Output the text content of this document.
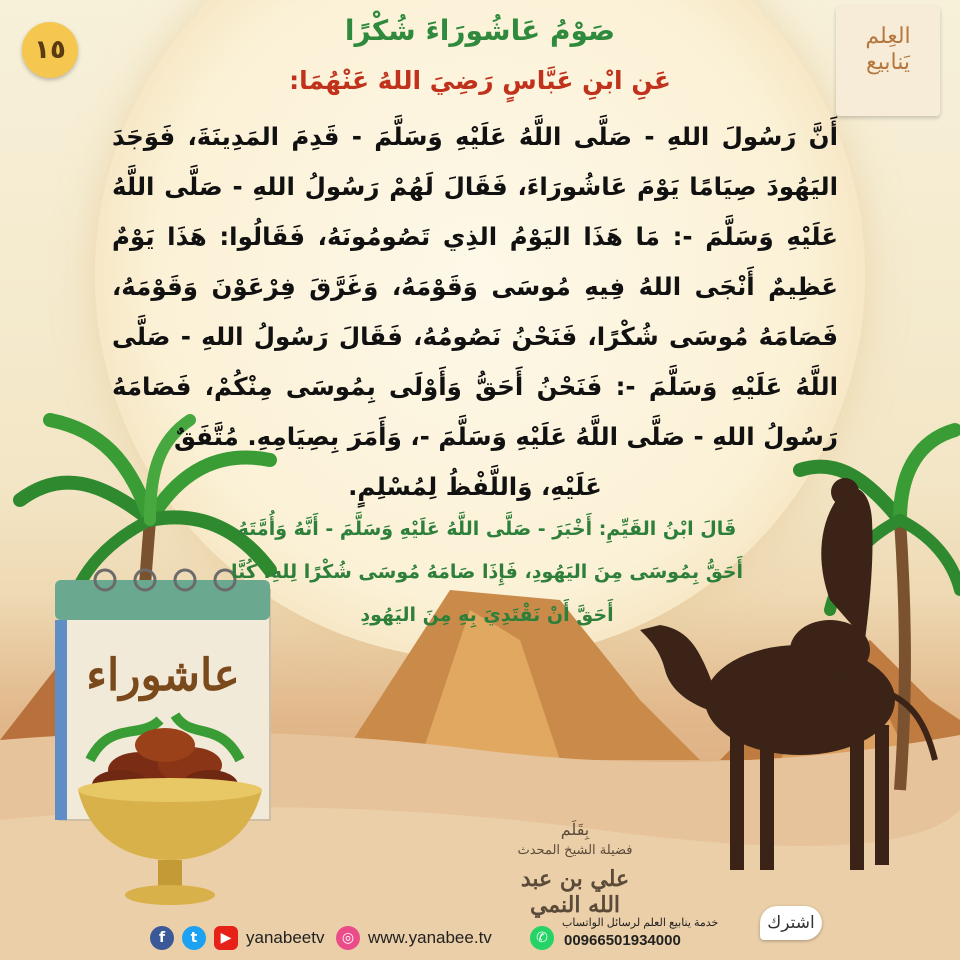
١٥	العِلم
يَنابيع
صَوْمُ عَاشُورَاءَ شُكْرًا
عَنِ ابْنِ عَبَّاسٍ رَضِيَ اللهُ عَنْهُمَا:

أَنَّ رَسُولَ اللهِ - صَلَّى اللَّهُ عَلَيْهِ وَسَلَّمَ - قَدِمَ المَدِينَةَ، فَوَجَدَ اليَهُودَ صِيَامًا يَوْمَ عَاشُورَاءَ، فَقَالَ لَهُمْ رَسُولُ اللهِ - صَلَّى اللَّهُ عَلَيْهِ وَسَلَّمَ -: مَا هَذَا اليَوْمُ الذِي تَصُومُونَهُ، فَقَالُوا: هَذَا يَوْمٌ عَظِيمٌ أَنْجَى اللهُ فِيهِ مُوسَى وَقَوْمَهُ، وَغَرَّقَ فِرْعَوْنَ وَقَوْمَهُ، فَصَامَهُ مُوسَى شُكْرًا، فَنَحْنُ نَصُومُهُ، فَقَالَ رَسُولُ اللهِ - صَلَّى اللَّهُ عَلَيْهِ وَسَلَّمَ -: فَنَحْنُ أَحَقُّ وَأَوْلَى بِمُوسَى مِنْكُمْ، فَصَامَهُ رَسُولُ اللهِ - صَلَّى اللَّهُ عَلَيْهِ وَسَلَّمَ -، وَأَمَرَ بِصِيَامِهِ. مُتَّفَقٌ
عَلَيْهِ، وَاللَّفْظُ لِمُسْلِمٍ.

قَالَ ابْنُ القَيِّمِ: أَخْبَرَ - صَلَّى اللَّهُ عَلَيْهِ وَسَلَّمَ - أَنَّهُ وَأُمَّتَهُ
أَحَقُّ بِمُوسَى مِنَ اليَهُودِ، فَإِذَا صَامَهُ مُوسَى شُكْرًا لِلهِ، كُنَّا
أَحَقَّ أَنْ نَقْتَدِيَ بِهِ مِنَ اليَهُودِ
عاشوراء
بِقَلَم
فضيلة الشيخ المحدث
علي بن عبد الله النمي
اشترك
f	t	▶ yanabeetv	◎ www.yanabee.tv	✆
خدمة ينابيع العلم لرسائل الواتساب
00966501934000
